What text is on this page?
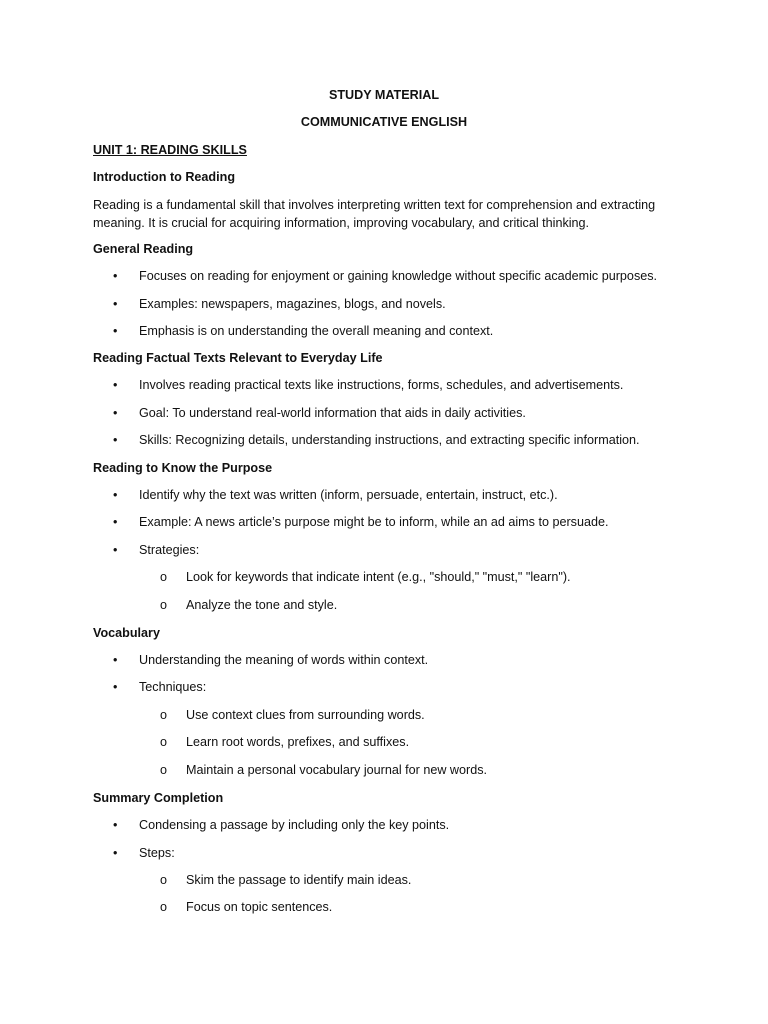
STUDY MATERIAL
COMMUNICATIVE ENGLISH
UNIT 1: READING SKILLS
Introduction to Reading
Reading is a fundamental skill that involves interpreting written text for comprehension and extracting meaning. It is crucial for acquiring information, improving vocabulary, and critical thinking.
General Reading
• Focuses on reading for enjoyment or gaining knowledge without specific academic purposes.
• Examples: newspapers, magazines, blogs, and novels.
• Emphasis is on understanding the overall meaning and context.
Reading Factual Texts Relevant to Everyday Life
• Involves reading practical texts like instructions, forms, schedules, and advertisements.
• Goal: To understand real-world information that aids in daily activities.
• Skills: Recognizing details, understanding instructions, and extracting specific information.
Reading to Know the Purpose
• Identify why the text was written (inform, persuade, entertain, instruct, etc.).
• Example: A news article’s purpose might be to inform, while an ad aims to persuade.
• Strategies:
o Look for keywords that indicate intent (e.g., "should," "must," "learn").
o Analyze the tone and style.
Vocabulary
• Understanding the meaning of words within context.
• Techniques:
o Use context clues from surrounding words.
o Learn root words, prefixes, and suffixes.
o Maintain a personal vocabulary journal for new words.
Summary Completion
• Condensing a passage by including only the key points.
• Steps:
o Skim the passage to identify main ideas.
o Focus on topic sentences.
